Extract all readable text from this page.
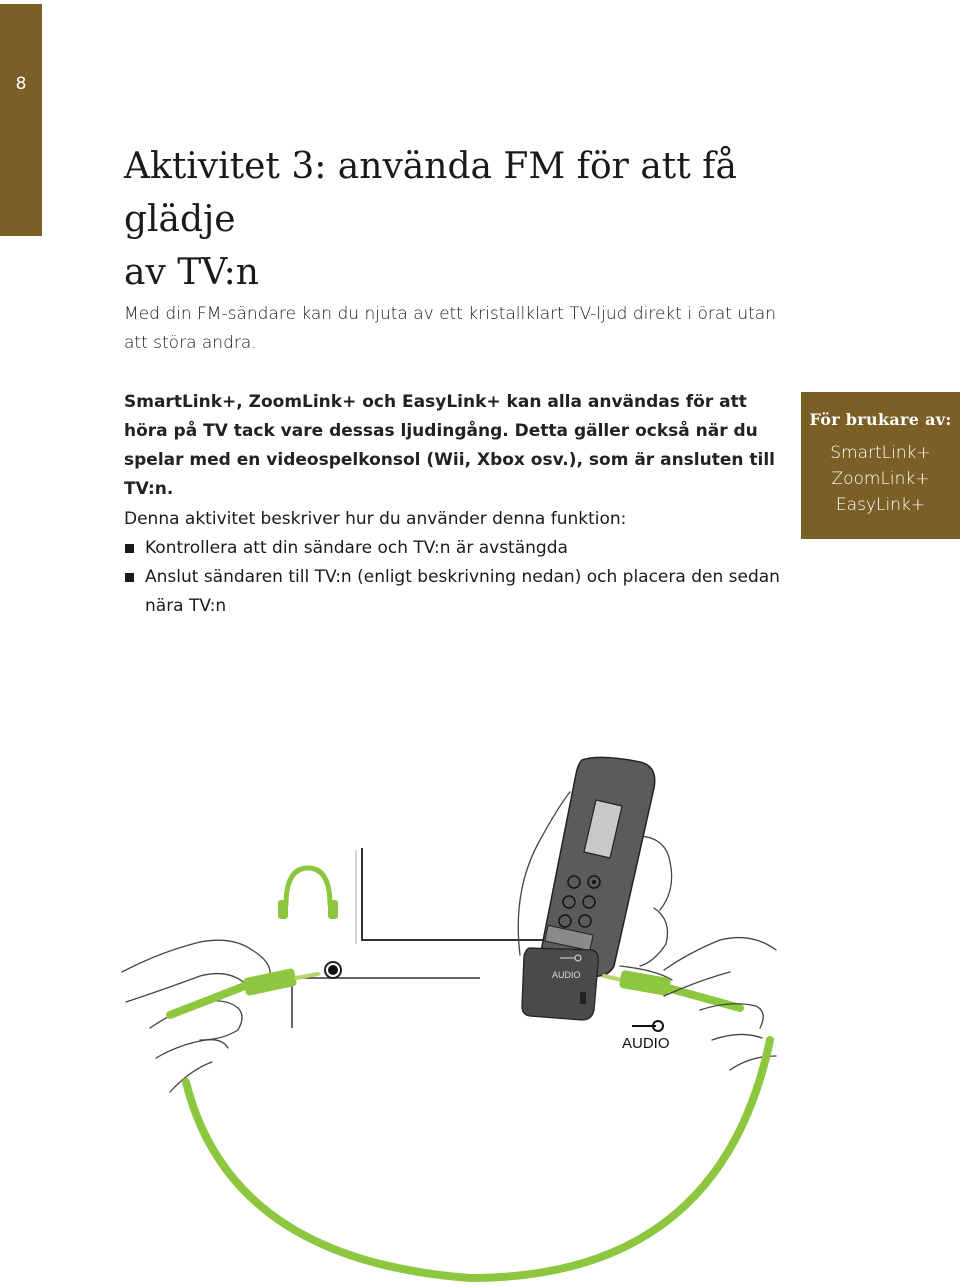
8
Aktivitet 3: använda FM för att få glädje
av TV:n

Med din FM-sändare kan du njuta av ett kristallklart TV-ljud direkt i örat utan att störa andra.

SmartLink+, ZoomLink+ och EasyLink+ kan alla användas för att höra på TV tack vare dessas ljudingång. Detta gäller också när du spelar med en videospelkonsol (Wii, Xbox osv.), som är ansluten till TV:n.

Denna aktivitet beskriver hur du använder denna funktion:

Kontrollera att din sändare och TV:n är avstängda
Anslut sändaren till TV:n (enligt beskrivning nedan) och placera den sedan nära TV:n
För brukare av:
SmartLink+
ZoomLink+
EasyLink+
AUDIO
AUDIO
